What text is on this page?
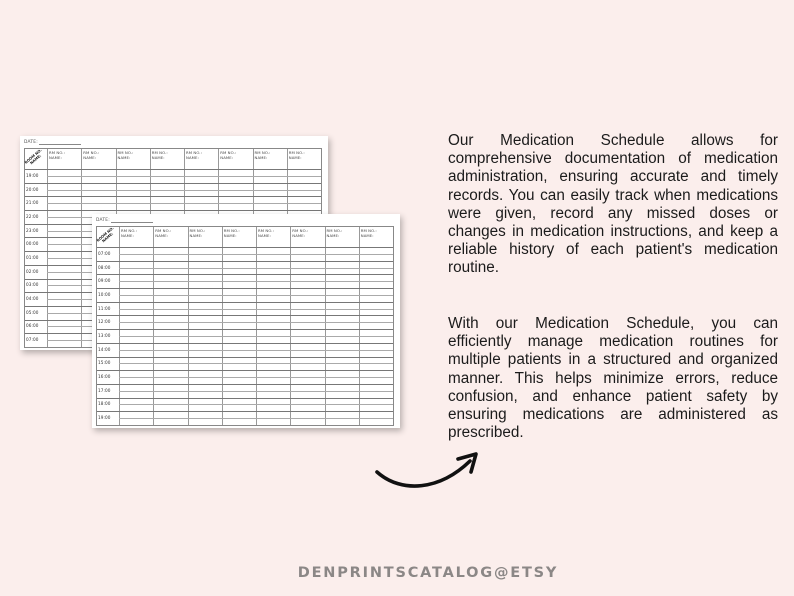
DATE:
RM NO.:
NAME:
RM NO.:
NAME:
RM NO.:
NAME:
RM NO.:
NAME:
RM NO.:
NAME:
RM NO.:
NAME:
RM NO.:
NAME:
RM NO.:
NAME:
19:00
20:00
21:00
22:00
23:00
00:00
01:00
02:00
03:00
04:00
05:00
06:00
07:00
ROOM NO.
NAME:
DATE:
RM NO.:
NAME:
RM NO.:
NAME:
RM NO.:
NAME:
RM NO.:
NAME:
RM NO.:
NAME:
RM NO.:
NAME:
RM NO.:
NAME:
RM NO.:
NAME:
07:00
08:00
09:00
10:00
11:00
12:00
13:00
14:00
15:00
16:00
17:00
18:00
19:00
ROOM NO.
NAME:

Our Medication Schedule allows for comprehensive documentation of medication administration, ensuring accurate and timely records. You can easily track when medications were given, record any missed doses or changes in medication instructions, and keep a reliable history of each patient's medication routine.

With our Medication Schedule, you can efficiently manage medication routines for multiple patients in a structured and organized manner. This helps minimize errors, reduce confusion, and enhance patient safety by ensuring medications are administered as prescribed.

DENPRINTSCATALOG@ETSY
